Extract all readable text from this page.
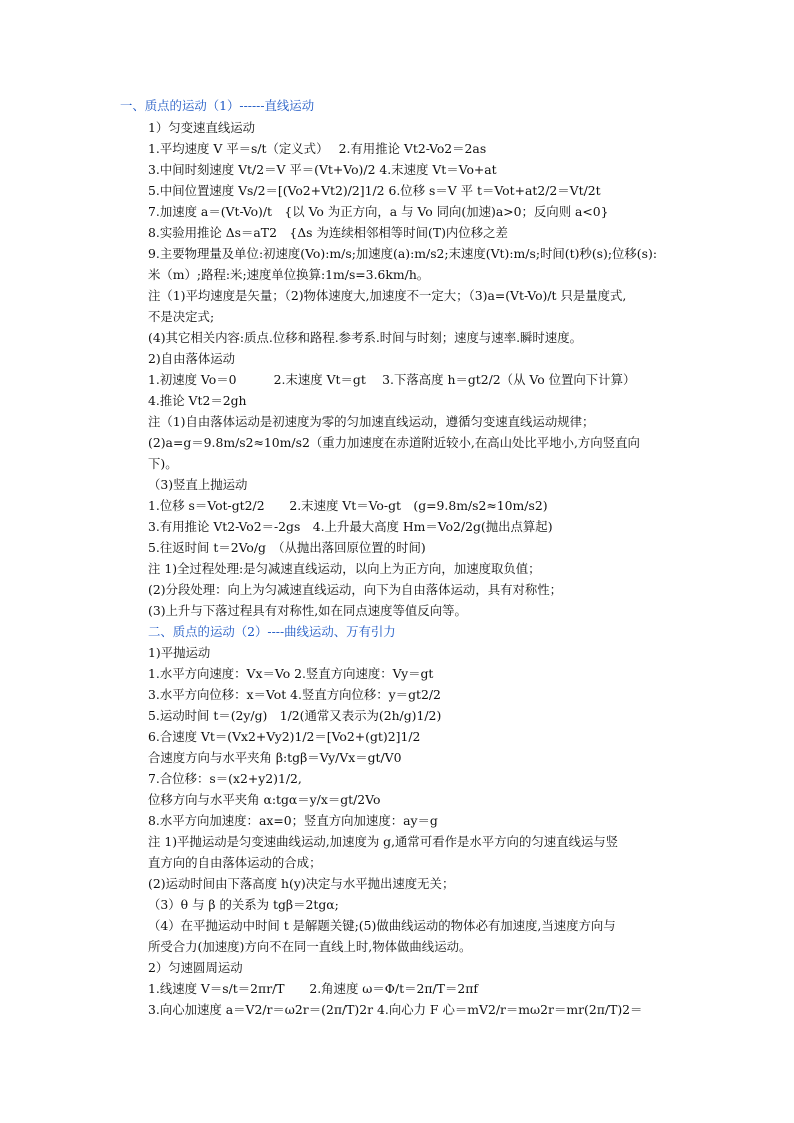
一、质点的运动（1）------直线运动
1）匀变速直线运动
1.平均速度 V 平＝s/t（定义式）　 2.有用推论 Vt2-Vo2＝2as
3.中间时刻速度 Vt/2＝V 平＝(Vt+Vo)/2 4.末速度 Vt＝Vo+at
5.中间位置速度 Vs/2＝[(Vo2+Vt2)/2]1/2 6.位移 s＝V 平 t＝Vot+at2/2＝Vt/2t
7.加速度 a＝(Vt-Vo)/t　{以 Vo 为正方向，a 与 Vo 同向(加速)a>0；反向则 a<0}
8.实验用推论 Δs＝aT2　{Δs 为连续相邻相等时间(T)内位移之差
9.主要物理量及单位:初速度(Vo):m/s;加速度(a):m/s2;末速度(Vt):m/s;时间(t)秒(s);位移(s):
米（m）;路程:米;速度单位换算:1m/s=3.6km/h。
注（1)平均速度是矢量；（2)物体速度大,加速度不一定大；（3)a=(Vt-Vo)/t 只是量度式,
不是决定式;
(4)其它相关内容:质点.位移和路程.参考系.时间与时刻；速度与速率.瞬时速度。
2)自由落体运动
1.初速度 Vo＝0　　　2.末速度 Vt＝gt　 3.下落高度 h＝gt2/2（从 Vo 位置向下计算）
4.推论 Vt2＝2gh
注（1)自由落体运动是初速度为零的匀加速直线运动，遵循匀变速直线运动规律；
(2)a=g＝9.8m/s2≈10m/s2（重力加速度在赤道附近较小,在高山处比平地小,方向竖直向
下)。
（3)竖直上抛运动
1.位移 s＝Vot-gt2/2　　2.末速度 Vt＝Vo-gt　(g=9.8m/s2≈10m/s2)
3.有用推论 Vt2-Vo2＝-2gs　4.上升最大高度 Hm＝Vo2/2g(抛出点算起)
5.往返时间 t＝2Vo/g　（从抛出落回原位置的时间)
注 1)全过程处理:是匀减速直线运动，以向上为正方向，加速度取负值；
(2)分段处理：向上为匀减速直线运动，向下为自由落体运动，具有对称性；
(3)上升与下落过程具有对称性,如在同点速度等值反向等。
二、质点的运动（2）----曲线运动、万有引力
1)平抛运动
1.水平方向速度：Vx＝Vo 2.竖直方向速度：Vy＝gt
3.水平方向位移：x＝Vot 4.竖直方向位移：y＝gt2/2
5.运动时间 t＝(2y/g)　1/2(通常又表示为(2h/g)1/2)
6.合速度 Vt＝(Vx2+Vy2)1/2＝[Vo2+(gt)2]1/2
合速度方向与水平夹角 β:tgβ＝Vy/Vx＝gt/V0
7.合位移：s＝(x2+y2)1/2,
位移方向与水平夹角 α:tgα＝y/x＝gt/2Vo
8.水平方向加速度：ax=0；竖直方向加速度：ay＝g
注 1)平抛运动是匀变速曲线运动,加速度为 g,通常可看作是水平方向的匀速直线运与竖
直方向的自由落体运动的合成；
(2)运动时间由下落高度 h(y)决定与水平抛出速度无关；
（3）θ 与 β 的关系为 tgβ＝2tgα;
（4）在平抛运动中时间 t 是解题关键;(5)做曲线运动的物体必有加速度,当速度方向与
所受合力(加速度)方向不在同一直线上时,物体做曲线运动。
2）匀速圆周运动
1.线速度 V＝s/t＝2πr/T　　2.角速度 ω＝Φ/t＝2π/T＝2πf
3.向心加速度 a＝V2/r＝ω2r＝(2π/T)2r 4.向心力 F 心＝mV2/r＝mω2r＝mr(2π/T)2＝
